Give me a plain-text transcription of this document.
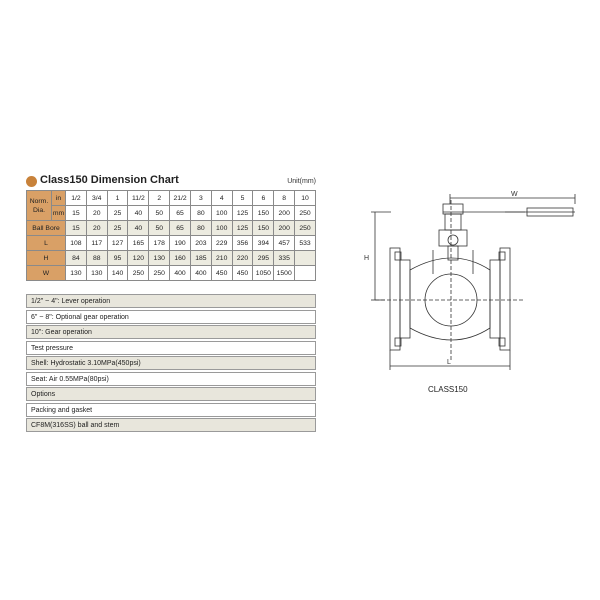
Class150 Dimension Chart	Unit(mm)
Norm.
Dia.	in	1/2	3/4	1	11/2	2	21/2	3	4	5	6	8	10
	mm	15	20	25	40	50	65	80	100	125	150	200	250
Ball Bore		15	20	25	40	50	65	80	100	125	150	200	250
L		108	117	127	165	178	190	203	229	356	394	457	533
H		84	88	95	120	130	160	185	210	220	295	335	
W		130	130	140	250	250	400	400	450	450	1050	1500	
1/2" ~ 4": Lever operation
6" ~ 8": Optional gear operation
10": Gear operation
Test pressure
Shell: Hydrostatic 3.10MPa(450psi)
Seat: Air 0.55MPa(80psi)
Options
Packing and gasket
CF8M(316SS) ball and stem
W
H
L
CLASS150
